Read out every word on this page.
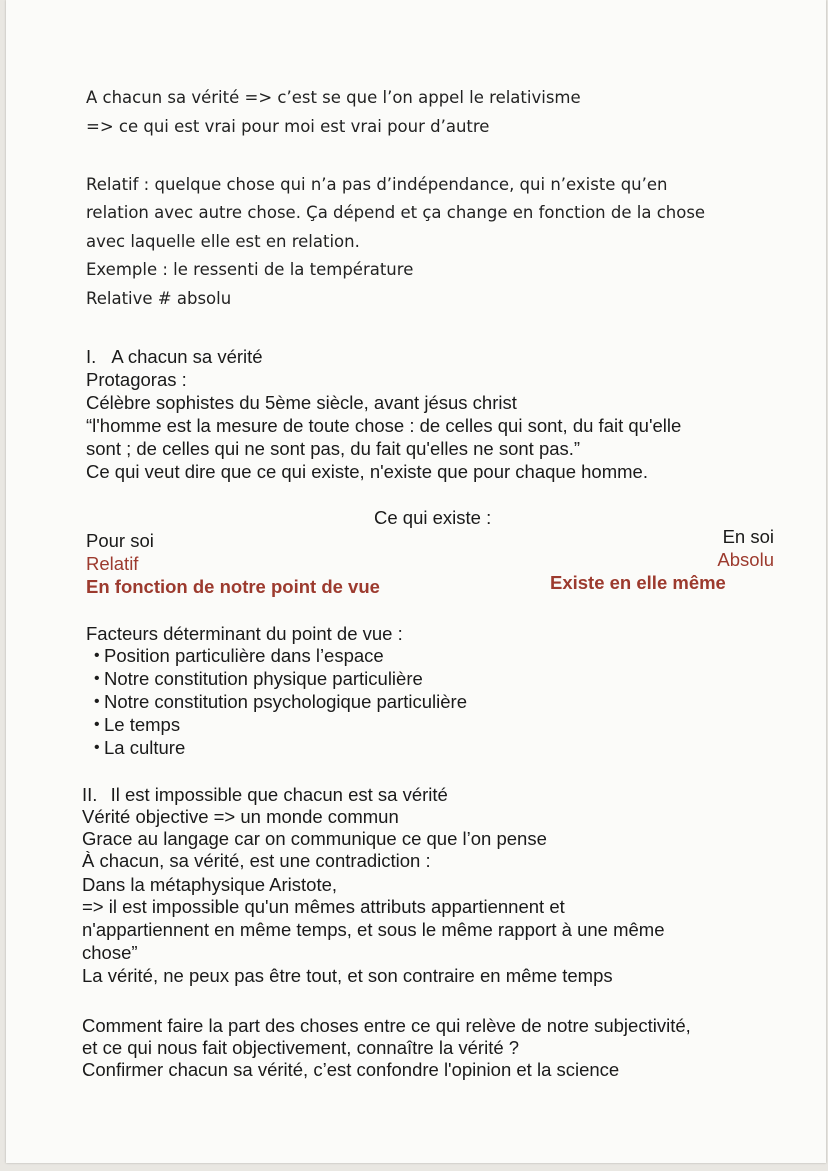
A chacun sa vérité => c’est se que l’on appel le relativisme
=> ce qui est vrai pour moi est vrai pour d’autre
Relatif : quelque chose qui n’a pas d’indépendance, qui n’existe qu’en
relation avec autre chose. Ça dépend et ça change en fonction de la chose
avec laquelle elle est en relation.
Exemple : le ressenti de la température
Relative # absolu
I. A chacun sa vérité
Protagoras :
Célèbre sophistes du 5ème siècle, avant jésus christ
“l'homme est la mesure de toute chose : de celles qui sont, du fait qu'elle
sont ; de celles qui ne sont pas, du fait qu'elles ne sont pas.”
Ce qui veut dire que ce qui existe, n'existe que pour chaque homme.
Ce qui existe :
Pour soi
Relatif
En fonction de notre point de vue
En soi
Absolu
Existe en elle même
Facteurs déterminant du point de vue :
• Position particulière dans l’espace
• Notre constitution physique particulière
• Notre constitution psychologique particulière
• Le temps
• La culture
II. Il est impossible que chacun est sa vérité
Vérité objective => un monde commun
Grace au langage car on communique ce que l’on pense
À chacun, sa vérité, est une contradiction :
Dans la métaphysique Aristote,
=> il est impossible qu'un mêmes attributs appartiennent et
n'appartiennent en même temps, et sous le même rapport à une même
chose”
La vérité, ne peux pas être tout, et son contraire en même temps
Comment faire la part des choses entre ce qui relève de notre subjectivité,
et ce qui nous fait objectivement, connaître la vérité ?
Confirmer chacun sa vérité, c’est confondre l'opinion et la science
